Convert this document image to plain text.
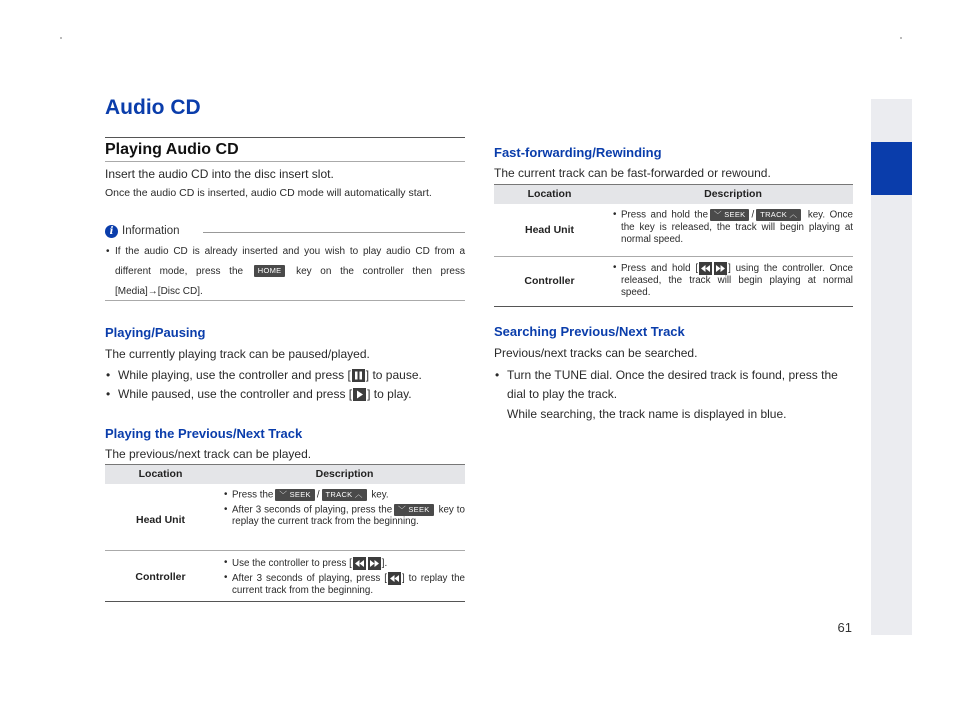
Audio CD
Playing Audio CD
Insert the audio CD into the disc insert slot.
Once the audio CD is inserted, audio CD mode will automatically start.
i Information
• If the audio CD is already inserted and you wish to play audio CD from a different mode, press the HOME key on the controller then press [Media]→[Disc CD].
Playing/Pausing
The currently playing track can be paused/played.
• While playing, use the controller and press [ ] to pause.
• While paused, use the controller and press [ ] to play.
Playing the Previous/Next Track
The previous/next track can be played.
Location	Description
Head Unit
• Press the ﹀ SEEK / TRACK ︿ key.
• After 3 seconds of playing, press the ﹀ SEEK key to replay the current track from the beginning.
Controller
• Use the controller to press [	].
• After 3 seconds of playing, press [ ] to replay the current track from the beginning.
Fast-forwarding/Rewinding
The current track can be fast-forwarded or rewound.
Location	Description
Head Unit
• Press and hold the ﹀ SEEK / TRACK ︿ key. Once the key is released, the track will begin playing at normal speed.
Controller
• Press and hold [	] using the controller. Once released, the track will begin playing at normal speed.
Searching Previous/Next Track
Previous/next tracks can be searched.
• Turn the TUNE dial. Once the desired track is found, press the dial to play the track.
While searching, the track name is displayed in blue.
61
